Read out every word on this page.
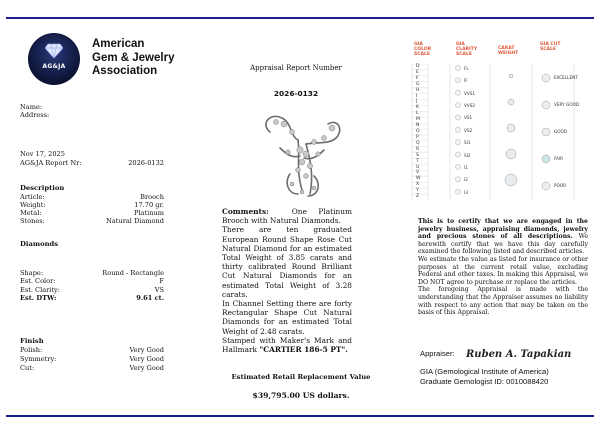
AG&JA
American
Gem & Jewelry
Association	Appraisal Report Number
2026-0132
Name:
Address:
Nov 17, 2025
AG&JA Report Nr:	2026-0132
Description
Article:	Brooch
Weight:	17.70 gr.
Metal:	Platinum
Stones:	Natural Diamond
Diamonds
Shape:	Round - Rectangle
Est. Color:	F
Est. Clarity:	VS
Est. DTW:	9.61 ct.
Finish
Polish:	Very Good
Symmetry:	Very Good
Cut:	Very Good
Comments:	One Platinum Brooch with Natural Diamonds.
There are ten graduated European Round Shape Rose Cut Natural Diamond for an estimated Total Weight of 3.85 carats and thirty calibrated Round Brilliant Cut Natural Diamonds for an estimated Total Weight of 3.28 carats.
In Channel Setting there are forty Rectangular Shape Cut Natural Diamonds for an estimated Total Weight of 2.48 carats.
Stamped with Maker's Mark and Hallmark "CARTIER 186-5 PT".
Estimated Retail Replacement Value
$39,795.00 US dollars.
GIA COLOR SCALE
GIA CLARITY SCALE
CARAT WEIGHT
GIA CUT SCALE
D
E
F
G
H
I
J
K
L
M
N
O
P
Q
R
S
T
U
V
W
X
Y
Z
FL
IF
VVS1
VVS2
VS1
VS2
SI1
SI2
I1
I2
I3
EXCELLENT
VERY GOOD
GOOD
FAIR
POOR
This is to certify that we are engaged in the jewelry business, appraising diamonds, jewelry and precious stones of all descriptions. We herewith certify that we have this day carefully examined the following listed and described articles.
We estimate the value as listed for insurance or other purposes at the current retail value, excluding Federal and other taxes. In making this Appraisal, we DO NOT agree to purchase or replace the articles.
The foregoing Appraisal is made with the understanding that the Appraiser assumes no liability with respect to any action that may be taken on the basis of this Appraisal.
Appraiser: Ruben A. Tapakian
GIA (Gemological Institute of America)
Graduate Gemologist ID: 0010088420
